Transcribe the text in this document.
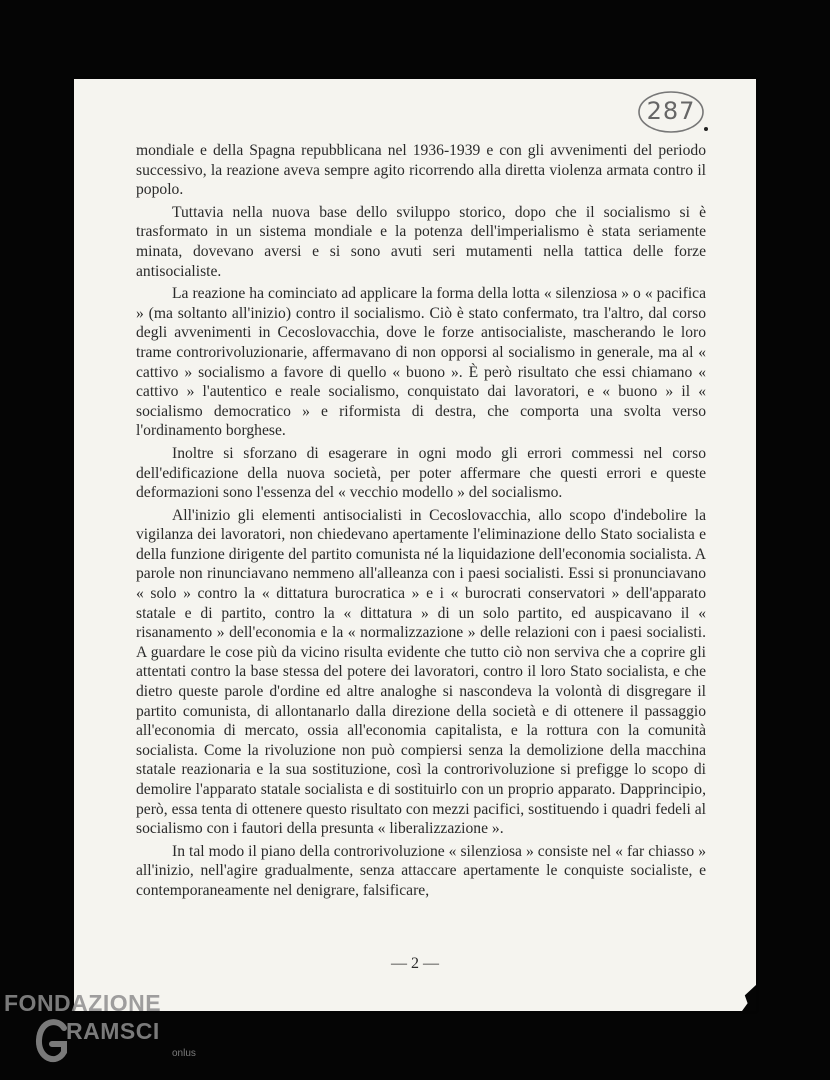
287

mondiale e della Spagna repubblicana nel 1936-1939 e con gli avvenimenti del periodo successivo, la reazione aveva sempre agito ricorrendo alla diretta violenza armata contro il popolo.

Tuttavia nella nuova base dello sviluppo storico, dopo che il socialismo si è trasformato in un sistema mondiale e la potenza dell'imperialismo è stata seriamente minata, dovevano aversi e si sono avuti seri mutamenti nella tattica delle forze antisocialiste.

La reazione ha cominciato ad applicare la forma della lotta « silenziosa » o « pacifica » (ma soltanto all'inizio) contro il socialismo. Ciò è stato confermato, tra l'altro, dal corso degli avvenimenti in Cecoslovacchia, dove le forze antisocialiste, mascherando le loro trame controrivoluzionarie, affermavano di non opporsi al socialismo in generale, ma al « cattivo » socialismo a favore di quello « buono ». È però risultato che essi chiamano « cattivo » l'autentico e reale socialismo, conquistato dai lavoratori, e « buono » il « socialismo democratico » e riformista di destra, che comporta una svolta verso l'ordinamento borghese.

Inoltre si sforzano di esagerare in ogni modo gli errori commessi nel corso dell'edificazione della nuova società, per poter affermare che questi errori e queste deformazioni sono l'essenza del « vecchio modello » del socialismo.

All'inizio gli elementi antisocialisti in Cecoslovacchia, allo scopo d'indebolire la vigilanza dei lavoratori, non chiedevano apertamente l'eliminazione dello Stato socialista e della funzione dirigente del partito comunista né la liquidazione dell'economia socialista. A parole non rinunciavano nemmeno all'alleanza con i paesi socialisti. Essi si pronunciavano « solo » contro la « dittatura burocratica » e i « burocrati conservatori » dell'apparato statale e di partito, contro la « dittatura » di un solo partito, ed auspicavano il « risanamento » dell'economia e la « normalizzazione » delle relazioni con i paesi socialisti. A guardare le cose più da vicino risulta evidente che tutto ciò non serviva che a coprire gli attentati contro la base stessa del potere dei lavoratori, contro il loro Stato socialista, e che dietro queste parole d'ordine ed altre analoghe si nascondeva la volontà di disgregare il partito comunista, di allontanarlo dalla direzione della società e di ottenere il passaggio all'economia di mercato, ossia all'economia capitalista, e la rottura con la comunità socialista. Come la rivoluzione non può compiersi senza la demolizione della macchina statale reazionaria e la sua sostituzione, così la controrivoluzione si prefigge lo scopo di demolire l'apparato statale socialista e di sostituirlo con un proprio apparato. Dapprincipio, però, essa tenta di ottenere questo risultato con mezzi pacifici, sostituendo i quadri fedeli al socialismo con i fautori della presunta « liberalizzazione ».

In tal modo il piano della controrivoluzione « silenziosa » consiste nel « far chiasso » all'inizio, nell'agire gradualmente, senza attaccare apertamente le conquiste socialiste, e contemporaneamente nel denigrare, falsificare,

— 2 —
FONDAZIONE
RAMSCI
onlus
